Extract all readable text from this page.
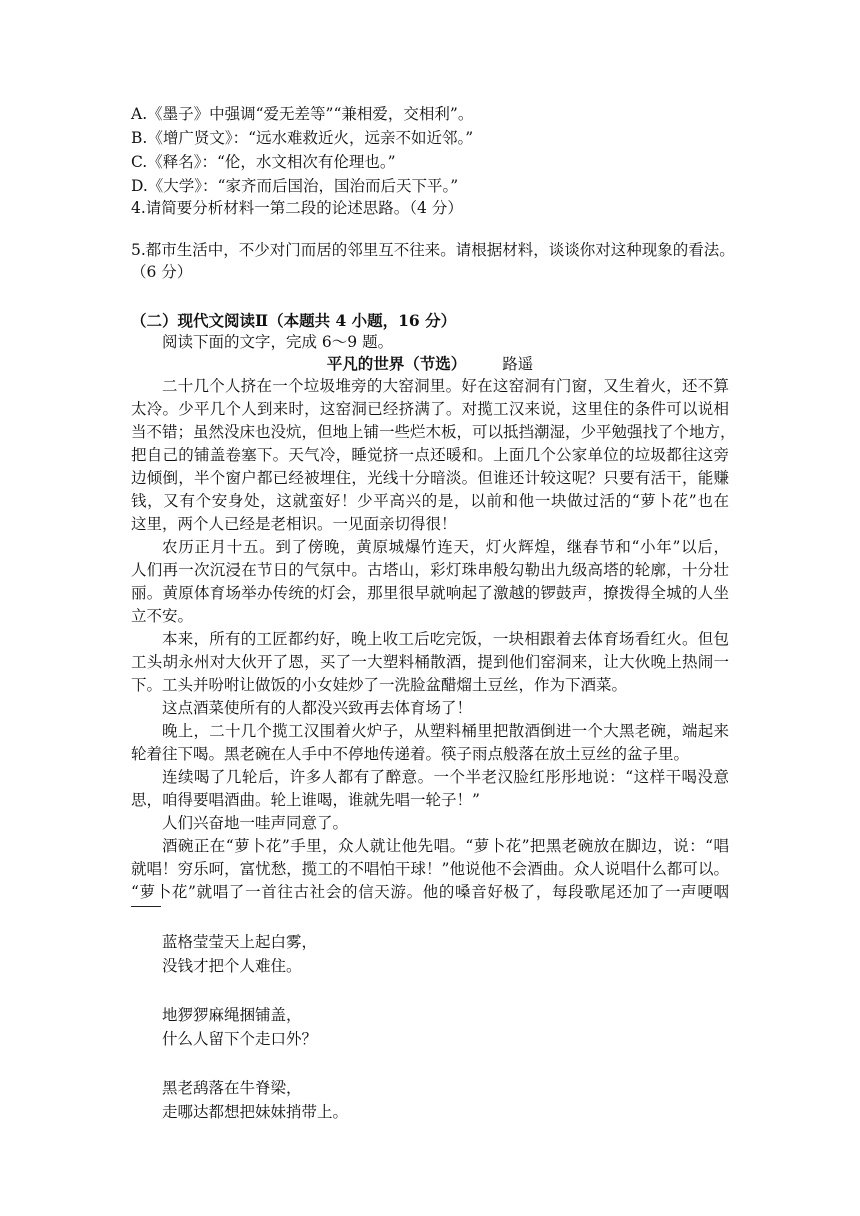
A.《墨子》中强调“爱无差等”“兼相爱，交相利”。
B.《增广贤文》：“远水难救近火，远亲不如近邻。”
C.《释名》：“伦，水文相次有伦理也。”
D.《大学》：“家齐而后国治，国治而后天下平。”
4.请简要分析材料一第二段的论述思路。（4 分）
5.都市生活中，不少对门而居的邻里互不往来。请根据材料，谈谈你对这种现象的看法。
（6 分）
（二）现代文阅读Ⅱ（本题共 4 小题，16 分）
阅读下面的文字，完成 6～9 题。
平凡的世界（节选） 路遥
二十几个人挤在一个垃圾堆旁的大窑洞里。好在这窑洞有门窗，又生着火，还不算
太冷。少平几个人到来时，这窑洞已经挤满了。对揽工汉来说，这里住的条件可以说相
当不错；虽然没床也没炕，但地上铺一些烂木板，可以抵挡潮湿，少平勉强找了个地方，
把自己的铺盖卷塞下。天气冷，睡觉挤一点还暖和。上面几个公家单位的垃圾都往这旁
边倾倒，半个窗户都已经被埋住，光线十分暗淡。但谁还计较这呢？只要有活干，能赚
钱，又有个安身处，这就蛮好！少平高兴的是，以前和他一块做过活的“萝卜花”也在
这里，两个人已经是老相识。一见面亲切得很！
农历正月十五。到了傍晚，黄原城爆竹连天，灯火辉煌，继春节和“小年”以后，
人们再一次沉浸在节日的气氛中。古塔山，彩灯珠串般勾勒出九级高塔的轮廓，十分壮
丽。黄原体育场举办传统的灯会，那里很早就响起了激越的锣鼓声，撩拨得全城的人坐
立不安。
本来，所有的工匠都约好，晚上收工后吃完饭，一块相跟着去体育场看红火。但包
工头胡永州对大伙开了恩，买了一大塑料桶散酒，提到他们窑洞来，让大伙晚上热闹一
下。工头并吩咐让做饭的小女娃炒了一洗脸盆醋熘土豆丝，作为下酒菜。
这点酒菜使所有的人都没兴致再去体育场了！
晚上，二十几个揽工汉围着火炉子，从塑料桶里把散酒倒进一个大黑老碗，端起来
轮着往下喝。黑老碗在人手中不停地传递着。筷子雨点般落在放土豆丝的盆子里。
连续喝了几轮后，许多人都有了醉意。一个半老汉脸红彤彤地说：“这样干喝没意
思，咱得要唱酒曲。轮上谁喝，谁就先唱一轮子！”
人们兴奋地一哇声同意了。
酒碗正在“萝卜花”手里，众人就让他先唱。“萝卜花”把黑老碗放在脚边，说：“唱
就唱！穷乐呵，富忧愁，揽工的不唱怕干球！”他说他不会酒曲。众人说唱什么都可以。
“萝卜花”就唱了一首往古社会的信天游。他的嗓音好极了，每段歌尾还加了一声哽咽
蓝格莹莹天上起白雾，
没钱才把个人难住。
地猡猡麻绳捆铺盖，
什么人留下个走口外？
黑老鸹落在牛脊梁，
走哪达都想把妹妹捎带上。
